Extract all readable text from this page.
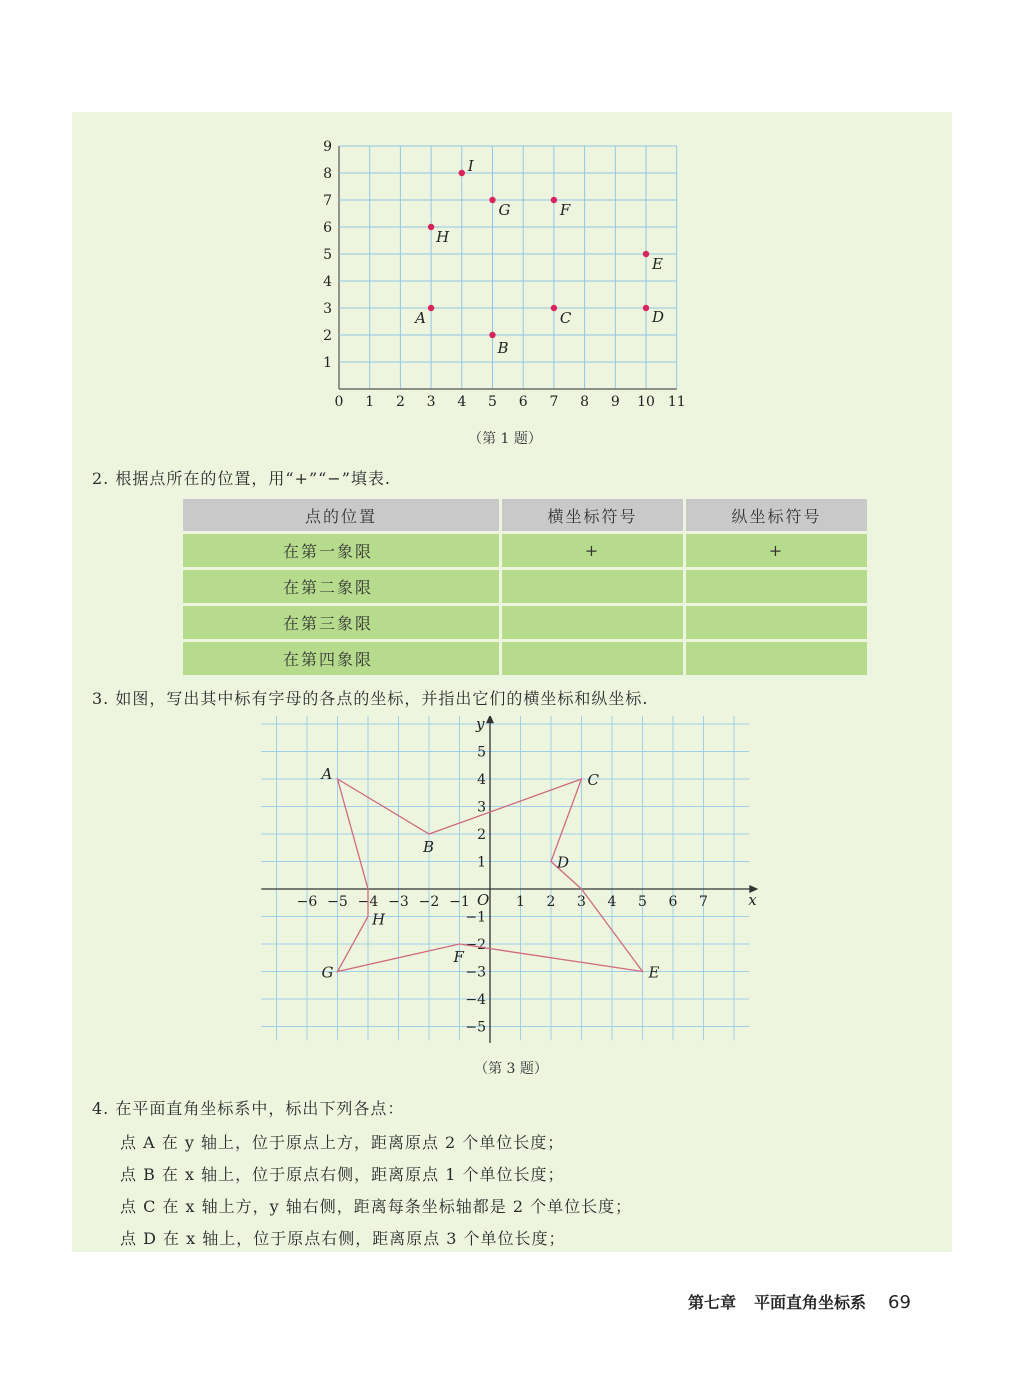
0 1 2 3 4 5 6 7 8 9 10 11
1
2
3
4
5
6
7
8
9
A
B
C	D
E
F
G
H
I
（第 1 题）
2. 根据点所在的位置，用“+”“−”填表.
点的位置	横坐标符号	纵坐标符号
在第一象限	+	+
在第二象限		
在第三象限		
在第四象限		
3. 如图，写出其中标有字母的各点的坐标，并指出它们的横坐标和纵坐标.
x
y
O
−6 −5 −4 −3 −2 −1	1 2 3 4 5 6 7
5
4
3
2
1
−1
−2
−3
−4
−5
A
B
C
D
E
F
G
H
（第 3 题）
4. 在平面直角坐标系中，标出下列各点：
点 A 在 y 轴上，位于原点上方，距离原点 2 个单位长度；
点 B 在 x 轴上，位于原点右侧，距离原点 1 个单位长度；
点 C 在 x 轴上方，y 轴右侧，距离每条坐标轴都是 2 个单位长度；
点 D 在 x 轴上，位于原点右侧，距离原点 3 个单位长度；
第七章 平面直角坐标系 69
